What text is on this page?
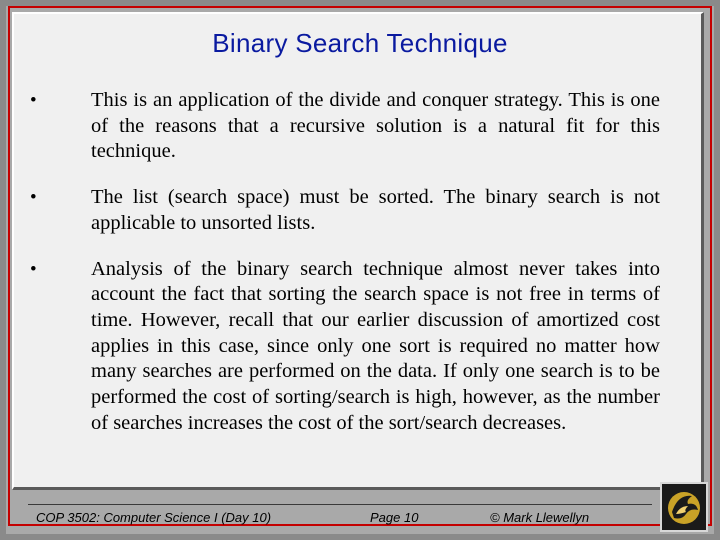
Binary Search Technique
•	This is an application of the divide and conquer strategy. This is one of the reasons that a recursive solution is a natural fit for this technique.
•	The list (search space) must be sorted. The binary search is not applicable to unsorted lists.
•	Analysis of the binary search technique almost never takes into account the fact that sorting the search space is not free in terms of time. However, recall that our earlier discussion of amortized cost applies in this case, since only one sort is required no matter how many searches are performed on the data. If only one search is to be performed the cost of sorting/search is high, however, as the number of searches increases the cost of the sort/search decreases.
COP 3502: Computer Science I (Day 10)	Page 10	© Mark Llewellyn
